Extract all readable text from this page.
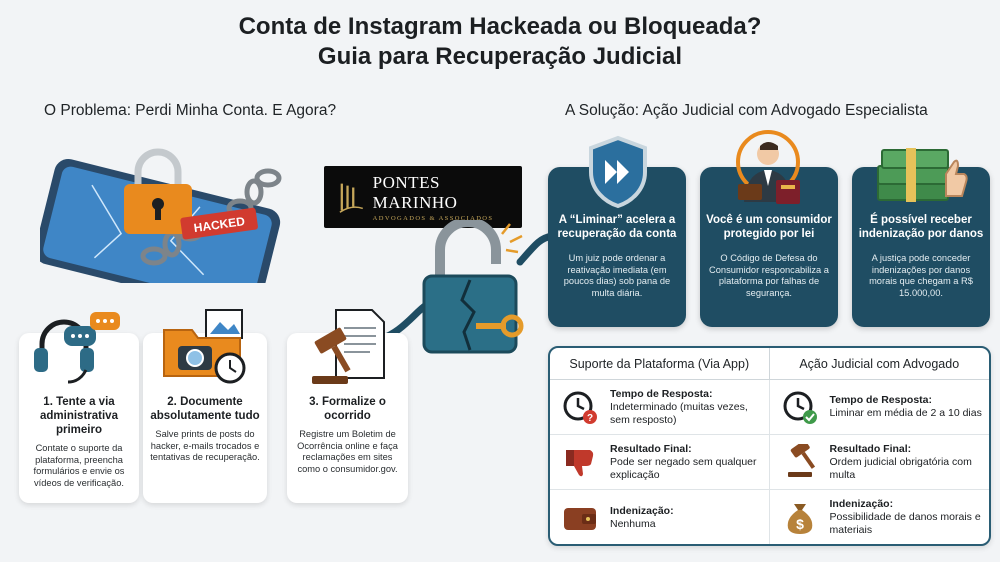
Conta de Instagram Hackeada ou Bloqueada?
Guia para Recuperação Judicial
O Problema: Perdi Minha Conta. E Agora?	A Solução: Ação Judicial com Advogado Especialista
HACKED
PONTES MARINHO
ADVOGADOS & ASSOCIADOS
1. Tente a via administrativa primeiro
Contate o suporte da plataforma, preencha formulários e envie os vídeos de verificação.
2. Documente absolutamente tudo
Salve prints de posts do hacker, e-mails trocados e tentativas de recuperação.
3. Formalize o ocorrido
Registre um Boletim de Ocorrência online e faça reclamações em sites como o consumidor.gov.
A “Liminar” acelera a recuperação da conta
Um juiz pode ordenar a reativação imediata (em poucos dias) sob pana de multa diária.
Você é um consumidor protegido por lei
O Código de Defesa do Consumidor responcabiliza a plataforma por falhas de segurança.
É possível receber indenização por danos
A justiça pode conceder indenizações por danos morais que chegam a R$ 15.000,00.
Suporte da Plataforma (Via App)	Ação Judicial com Advogado
?
Tempo de Resposta:
Indeterminado (muitas vezes, sem resposto)
Tempo de Resposta:
Liminar em média de 2 a 10 dias
Resultado Final:
Pode ser negado sem qualquer explicação
Resultado Final:
Ordem judicial obrigatória com multa
Indenização:
Nenhuma	$
Indenização:
Possibilidade de danos morais e materiais
